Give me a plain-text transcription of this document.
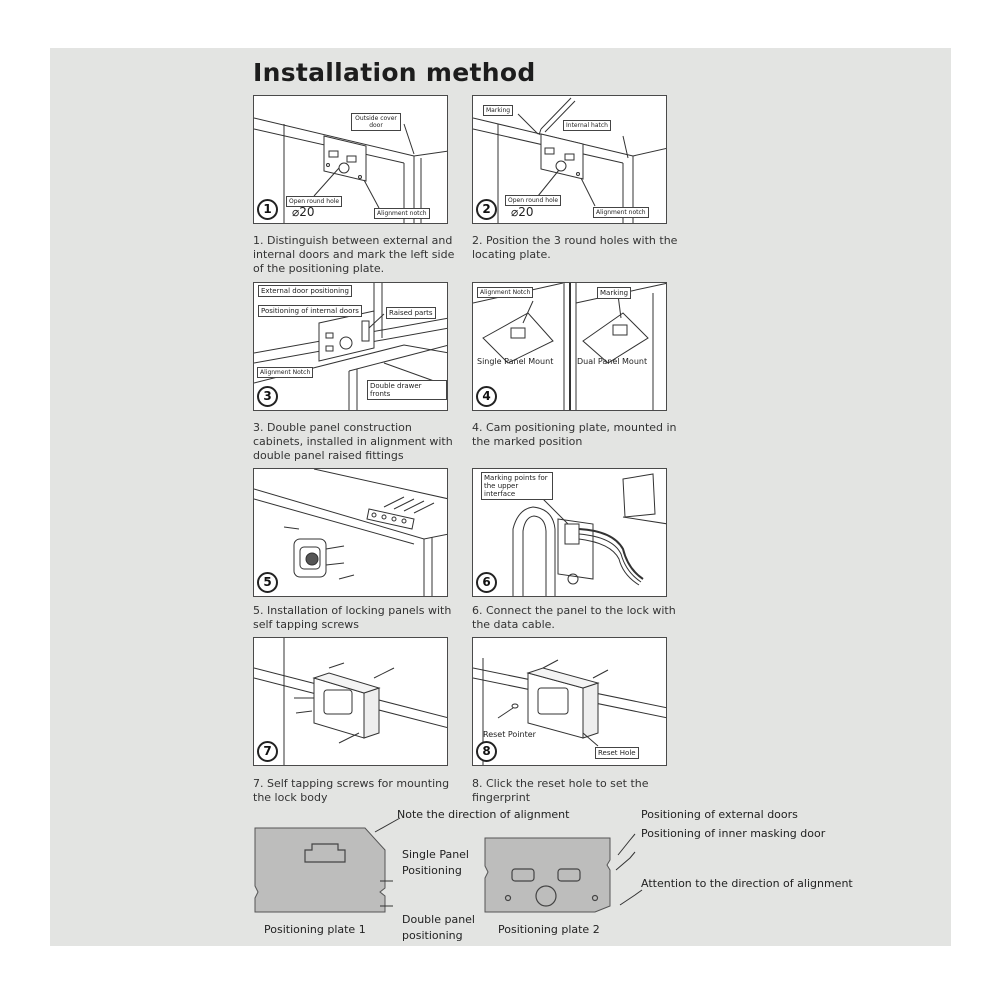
Installation method
Outside cover door
Open round hole
Alignment notch
⌀20
1

1. Distinguish between external and internal doors and mark the left side of the positioning plate.

Marking
Internal hatch
Open round hole
Alignment notch
⌀20
2

2. Position the 3 round holes with the locating plate.

External door positioning
Positioning of internal doors	Raised parts
Alignment Notch
Double drawer fronts
3

3. Double panel construction cabinets, installed in alignment with double panel raised fittings

Alignment Notch	Marking
Single Panel Mount	Dual Panel Mount
4

4. Cam positioning plate, mounted in the marked position

5

5. Installation of locking panels with self tapping screws

Marking points for the upper interface
6

6. Connect the panel to the lock with the data cable.

7

7. Self tapping screws for mounting the lock body

Reset Pointer
Reset Hole
8

8. Click the reset hole to set the fingerprint

Note the direction of alignment
Single Panel Positioning
Double panel positioning
Positioning plate 1	Positioning plate 2
Positioning of external doors
Positioning of inner masking door
Attention to the direction of alignment
